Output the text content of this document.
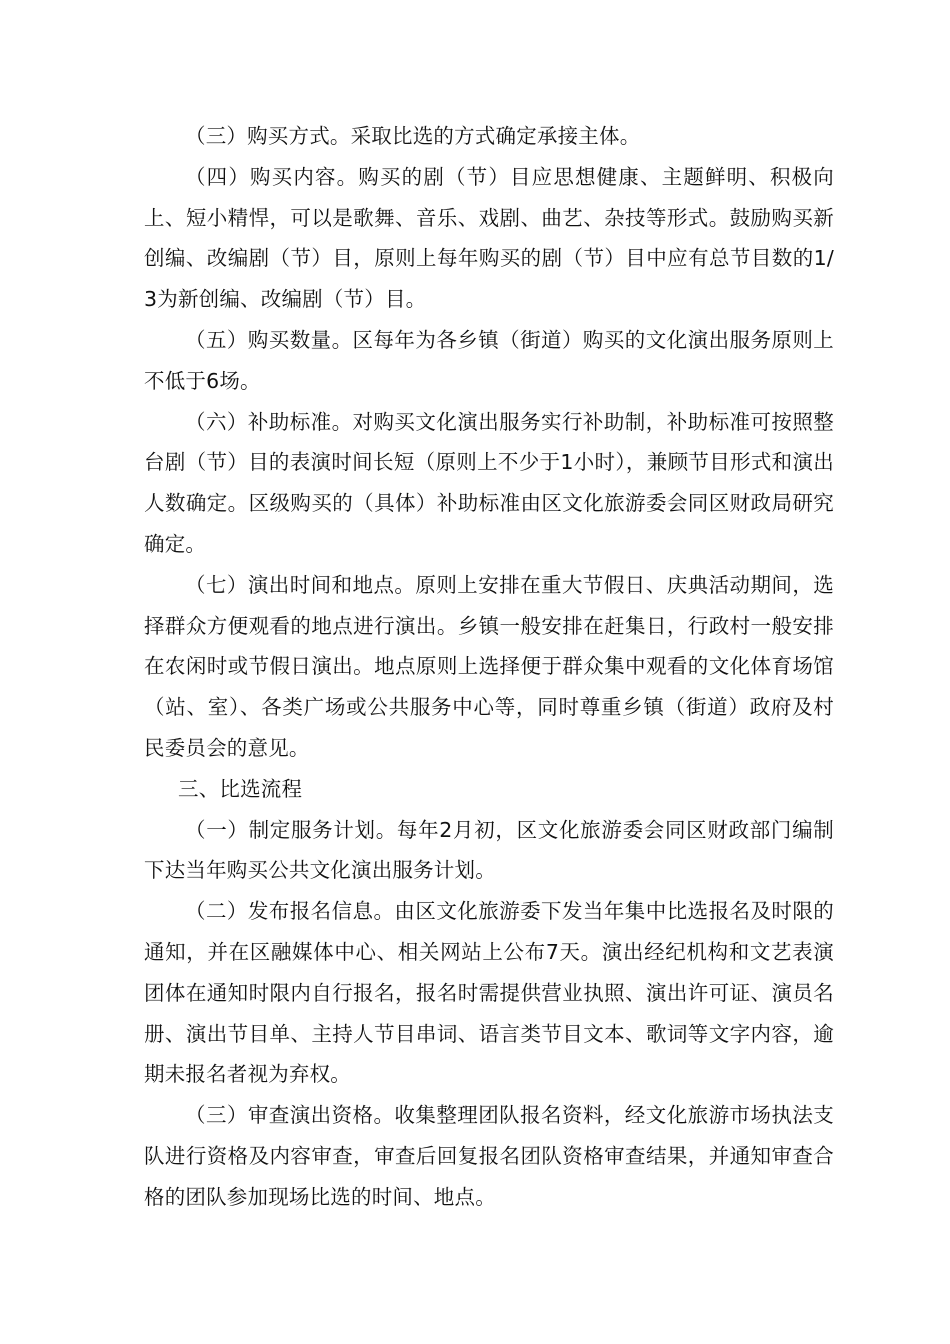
（三）购买方式。采取比选的方式确定承接主体。

（四）购买内容。购买的剧（节）目应思想健康、主题鲜明、积极向上、短小精悍，可以是歌舞、音乐、戏剧、曲艺、杂技等形式。鼓励购买新创编、改编剧（节）目，原则上每年购买的剧（节）目中应有总节目数的1/3为新创编、改编剧（节）目。

（五）购买数量。区每年为各乡镇（街道）购买的文化演出服务原则上不低于6场。

（六）补助标准。对购买文化演出服务实行补助制，补助标准可按照整台剧（节）目的表演时间长短（原则上不少于1小时），兼顾节目形式和演出人数确定。区级购买的（具体）补助标准由区文化旅游委会同区财政局研究确定。

（七）演出时间和地点。原则上安排在重大节假日、庆典活动期间，选择群众方便观看的地点进行演出。乡镇一般安排在赶集日，行政村一般安排在农闲时或节假日演出。地点原则上选择便于群众集中观看的文化体育场馆（站、室）、各类广场或公共服务中心等，同时尊重乡镇（街道）政府及村民委员会的意见。

三、比选流程

（一）制定服务计划。每年2月初，区文化旅游委会同区财政部门编制下达当年购买公共文化演出服务计划。

（二）发布报名信息。由区文化旅游委下发当年集中比选报名及时限的通知，并在区融媒体中心、相关网站上公布7天。演出经纪机构和文艺表演团体在通知时限内自行报名，报名时需提供营业执照、演出许可证、演员名册、演出节目单、主持人节目串词、语言类节目文本、歌词等文字内容，逾期未报名者视为弃权。

（三）审查演出资格。收集整理团队报名资料，经文化旅游市场执法支队进行资格及内容审查，审查后回复报名团队资格审查结果，并通知审查合格的团队参加现场比选的时间、地点。
